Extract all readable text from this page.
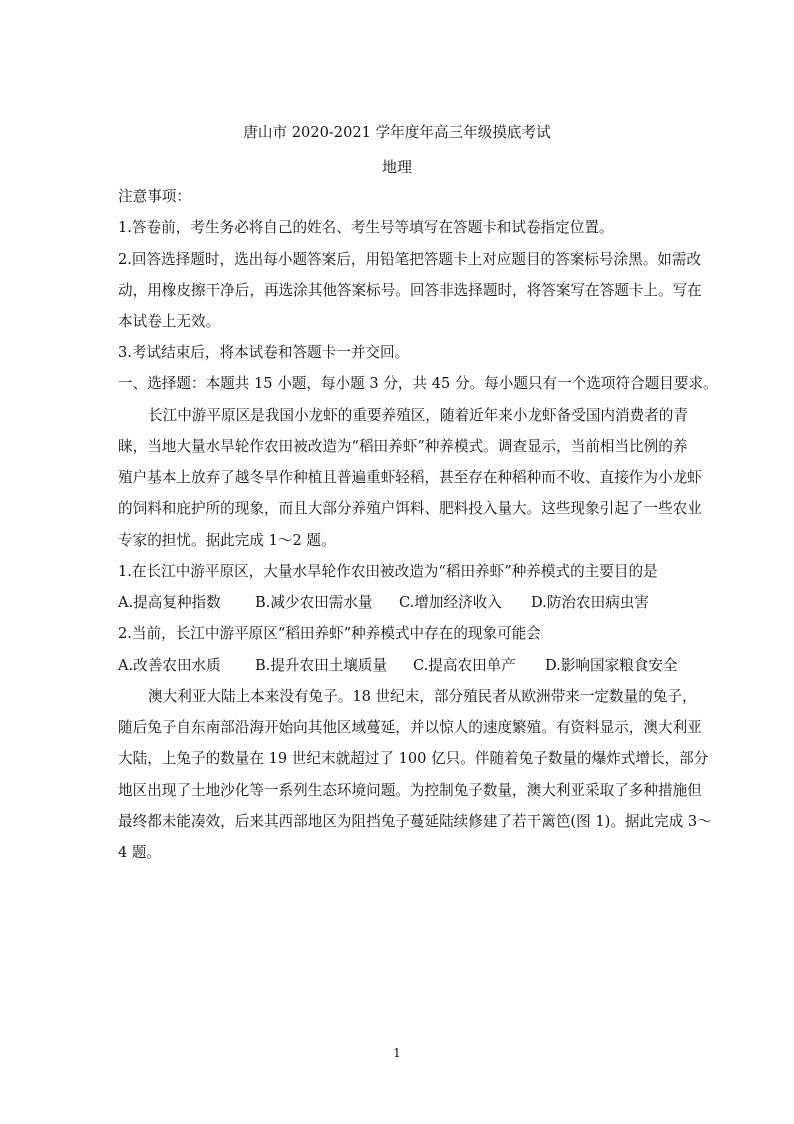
唐山市 2020-2021 学年度年高三年级摸底考试
地理
注意事项：
1.答卷前，考生务必将自己的姓名、考生号等填写在答题卡和试卷指定位置。
2.回答选择题时，选出每小题答案后，用铅笔把答题卡上对应题目的答案标号涂黑。如需改
动，用橡皮擦干净后，再选涂其他答案标号。回答非选择题时，将答案写在答题卡上。写在
本试卷上无效。
3.考试结束后，将本试卷和答题卡一并交回。
一、选择题：本题共 15 小题，每小题 3 分，共 45 分。每小题只有一个选项符合题目要求。
长江中游平原区是我国小龙虾的重要养殖区，随着近年来小龙虾备受国内消费者的青
睐，当地大量水旱轮作农田被改造为“稻田养虾”种养模式。调查显示，当前相当比例的养
殖户基本上放弃了越冬旱作种植且普遍重虾轻稻，甚至存在种稻种而不收、直接作为小龙虾
的饲料和庇护所的现象，而且大部分养殖户饵料、肥料投入量大。这些现象引起了一些农业
专家的担忧。据此完成 1～2 题。
1.在长江中游平原区，大量水旱轮作农田被改造为“稻田养虾”种养模式的主要目的是
A.提高复种指数 B.减少农田需水量 C.增加经济收入 D.防治农田病虫害
2.当前，长江中游平原区“稻田养虾”种养模式中存在的现象可能会
A.改善农田水质 B.提升农田土壤质量 C.提高农田单产 D.影响国家粮食安全
澳大利亚大陆上本来没有兔子。18 世纪末，部分殖民者从欧洲带来一定数量的兔子，
随后兔子自东南部沿海开始向其他区域蔓延，并以惊人的速度繁殖。有资料显示，澳大利亚
大陆，上兔子的数量在 19 世纪末就超过了 100 亿只。伴随着兔子数量的爆炸式增长，部分
地区出现了土地沙化等一系列生态环境问题。为控制兔子数量，澳大利亚采取了多种措施但
最终都未能凑效，后来其西部地区为阻挡兔子蔓延陆续修建了若干篱笆(图 1)。据此完成 3～
4 题。
1
